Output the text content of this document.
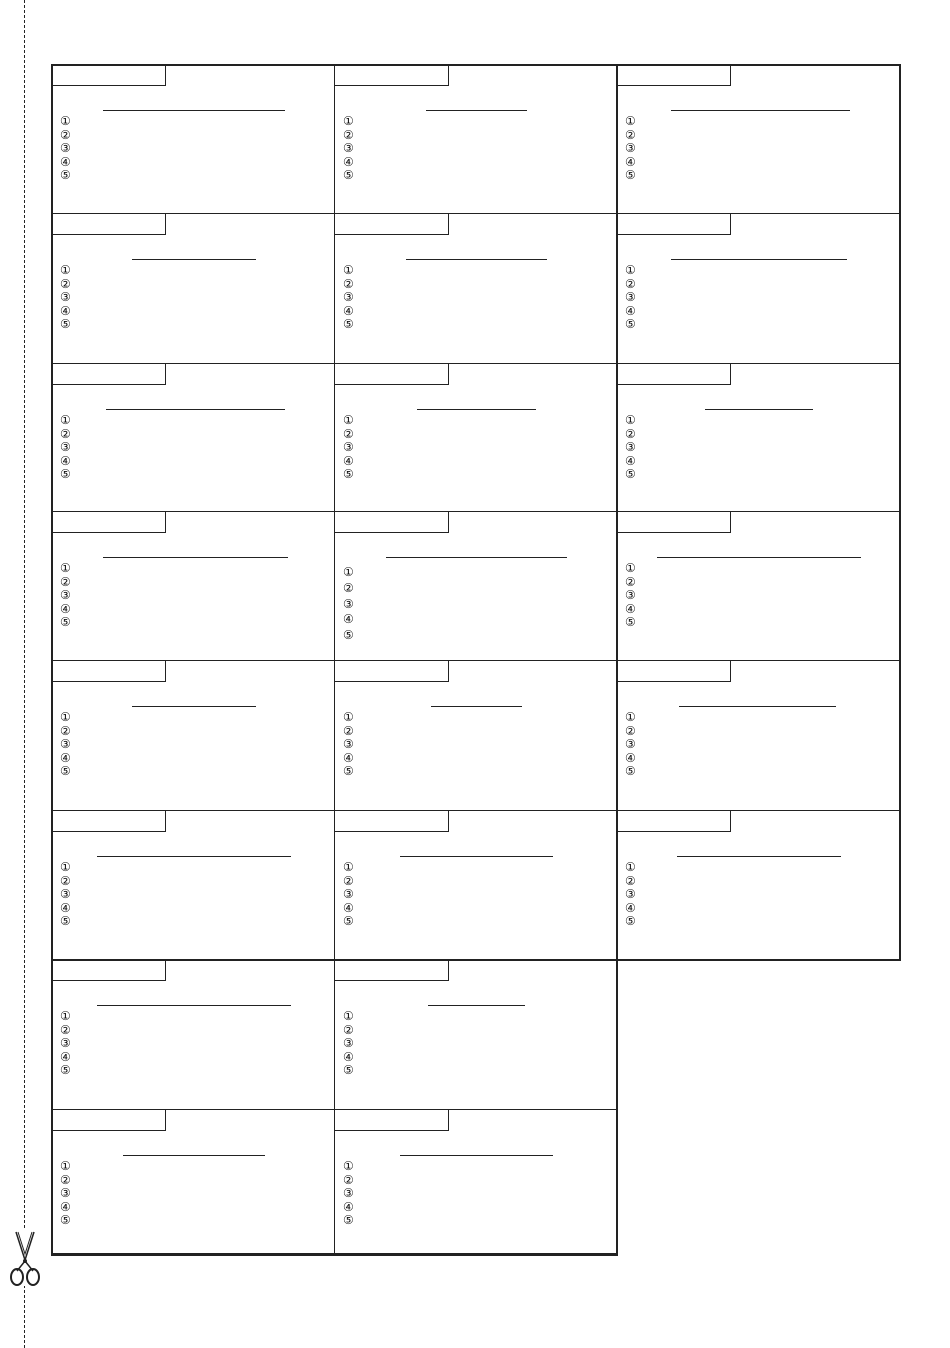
①
②
③
④
⑤
①
②
③
④
⑤
①
②
③
④
⑤
①
②
③
④
⑤
①
②
③
④
⑤
①
②
③
④
⑤
①
②
③
④
⑤
①
②
③
④
⑤
①
②
③
④
⑤
①
②
③
④
⑤
①
②
③
④
⑤
①
②
③
④
⑤
①
②
③
④
⑤
①
②
③
④
⑤
①
②
③
④
⑤
①
②
③
④
⑤
①
②
③
④
⑤
①
②
③
④
⑤
①
②
③
④
⑤
①
②
③
④
⑤
①
②
③
④
⑤
①
②
③
④
⑤
